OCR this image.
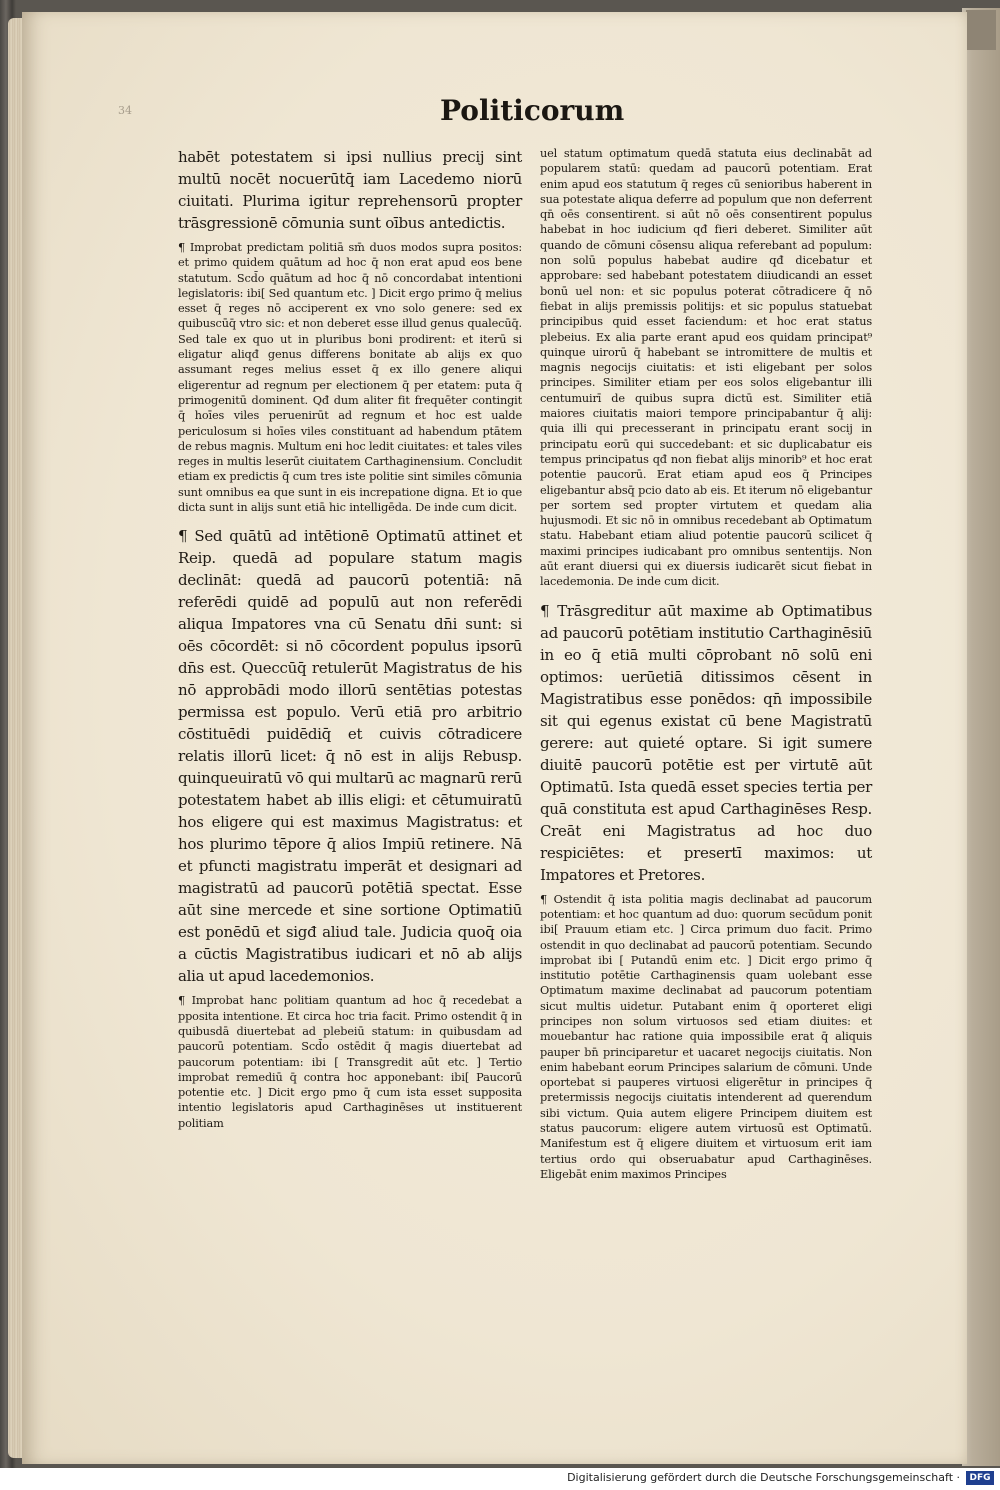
34	Politicorum

habēt potestatem si ipsi nullius precij sint multū nocēt nocuerūtq̄ iam Lacedemo niorū ciuitati. Plurima igitur reprehensorū propter trāsgressionē cōmunia sunt oībus antedictis.

¶ Improbat predictam politiā sm̄ duos modos supra positos: et primo quidem quātum ad hoc q̄ non erat apud eos bene statutum. Scd̄o quātum ad hoc q̄ nō concordabat intentioni legislatoris: ibi[ Sed quantum etc. ] Dicit ergo primo q̄ melius esset q̄ reges nō acciperent ex vno solo genere: sed ex quibuscūq̄ vtro sic: et non deberet esse illud genus qualecūq̄. Sed tale ex quo ut in pluribus boni prodirent: et iterū si eligatur aliqđ genus differens bonitate ab alijs ex quo assumant reges melius esset q̄ ex illo genere aliqui eligerentur ad regnum per electionem q̄ per etatem: puta q̄ primogenitū dominent. Qđ dum aliter fit frequēter contingit q̄ hoīes viles peruenirūt ad regnum et hoc est ualde periculosum si hoīes viles constituant ad habendum ptātem de rebus magnis. Multum eni hoc ledit ciuitates: et tales viles reges in multis leserūt ciuitatem Carthaginensium. Concludit etiam ex predictis q̄ cum tres iste politie sint similes cōmunia sunt omnibus ea que sunt in eis increpatione digna. Et io que dicta sunt in alijs sunt etiā hic intelligēda. De inde cum dicit.

¶ Sed quātū ad intētionē Optimatū attinet et Reip. quedā ad populare statum magis declināt: quedā ad paucorū potentiā: nā referēdi quidē ad populū aut non referēdi aliqua Impatores vna cū Senatu dn̄i sunt: si oēs cōcordēt: si nō cōcordent populus ipsorū dn̄s est. Queccūq̄ retulerūt Magistratus de his nō approbādi modo illorū sentētias potestas permissa est populo. Verū etiā pro arbitrio cōstituēdi puidēdiq̄ et cuivis cōtradicere relatis illorū licet: q̄ nō est in alijs Rebusp. quinqueuiratū vō qui multarū ac magnarū rerū potestatem habet ab illis eligi: et cētumuiratū hos eligere qui est maximus Magistratus: et hos plurimo tēpore q̄ alios Impiū retinere. Nā et pfuncti magistratu imperāt et designari ad magistratū ad paucorū potētiā spectat. Esse aūt sine mercede et sine sortione Optimatiū est ponēdū et sigđ aliud tale. Judicia quoq̄ oia a cūctis Magistratibus iudicari et nō ab alijs alia ut apud lacedemonios.

¶ Improbat hanc politiam quantum ad hoc q̄ recedebat a pposita intentione. Et circa hoc tria facit. Primo ostendit q̄ in quibusdā diuertebat ad plebeiū statum: in quibusdam ad paucorū potentiam. Scd̄o ostēdit q̄ magis diuertebat ad paucorum potentiam: ibi [ Transgredit aūt etc. ] Tertio improbat remediū q̄ contra hoc apponebant: ibi[ Paucorū potentie etc. ] Dicit ergo pmo q̄ cum ista esset supposita intentio legislatoris apud Carthaginēses ut instituerent politiam

uel statum optimatum quedā statuta eius declinabāt ad popularem statū: quedam ad paucorū potentiam. Erat enim apud eos statutum q̄ reges cū senioribus haberent in sua potestate aliqua deferre ad populum que non deferrent qn̄ oēs consentirent. si aūt nō oēs consentirent populus habebat in hoc iudicium qđ fieri deberet. Similiter aūt quando de cōmuni cōsensu aliqua referebant ad populum: non solū populus habebat audire qđ dicebatur et approbare: sed habebant potestatem diiudicandi an esset bonū uel non: et sic populus poterat cōtradicere q̄ nō fiebat in alijs premissis politijs: et sic populus statuebat principibus quid esset faciendum: et hoc erat status plebeius. Ex alia parte erant apud eos quidam principat⁹ quinque uirorū q̄ habebant se intromittere de multis et magnis negocijs ciuitatis: et isti eligebant per solos principes. Similiter etiam per eos solos eligebantur illi centumuirī de quibus supra dictū est. Similiter etiā maiores ciuitatis maiori tempore principabantur q̄ alij: quia illi qui precesserant in principatu erant socij in principatu eorū qui succedebant: et sic duplicabatur eis tempus principatus qđ non fiebat alijs minorib⁹ et hoc erat potentie paucorū. Erat etiam apud eos q̄ Principes eligebantur absq̄ pcio dato ab eis. Et iterum nō eligebantur per sortem sed propter virtutem et quedam alia hujusmodi. Et sic nō in omnibus recedebant ab Optimatum statu. Habebant etiam aliud potentie paucorū scilicet q̄ maximi principes iudicabant pro omnibus sententijs. Non aūt erant diuersi qui ex diuersis iudicarēt sicut fiebat in lacedemonia. De inde cum dicit.

¶ Trāsgreditur aūt maxime ab Optimatibus ad paucorū potētiam institutio Carthaginēsiū in eo q̄ etiā multi cōprobant nō solū eni optimos: uerūetiā ditissimos cēsent in Magistratibus esse ponēdos: qn̄ impossibile sit qui egenus existat cū bene Magistratū gerere: aut quieté optare. Si igit sumere diuitē paucorū potētie est per virtutē aūt Optimatū. Ista quedā esset species tertia per quā constituta est apud Carthaginēses Resp. Creāt eni Magistratus ad hoc duo respiciētes: et presertī maximos: ut Impatores et Pretores.

¶ Ostendit q̄ ista politia magis declinabat ad paucorum potentiam: et hoc quantum ad duo: quorum secūdum ponit ibi[ Prauum etiam etc. ] Circa primum duo facit. Primo ostendit in quo declinabat ad paucorū potentiam. Secundo improbat ibi [ Putandū enim etc. ] Dicit ergo primo q̄ institutio potētie Carthaginensis quam uolebant esse Optimatum maxime declinabat ad paucorum potentiam sicut multis uidetur. Putabant enim q̄ oporteret eligi principes non solum virtuosos sed etiam diuites: et mouebantur hac ratione quia impossibile erat q̄ aliquis pauper bn̄ principaretur et uacaret negocijs ciuitatis. Non enim habebant eorum Principes salarium de cōmuni. Unde oportebat si pauperes virtuosi eligerētur in principes q̄ pretermissis negocijs ciuitatis intenderent ad querendum sibi victum. Quia autem eligere Principem diuitem est status paucorum: eligere autem virtuosū est Optimatū. Manifestum est q̄ eligere diuitem et virtuosum erit iam tertius ordo qui obseruabatur apud Carthaginēses. Eligebāt enim maximos Principes

Digitalisierung gefördert durch die Deutsche Forschungsgemeinschaft ·	DFG
